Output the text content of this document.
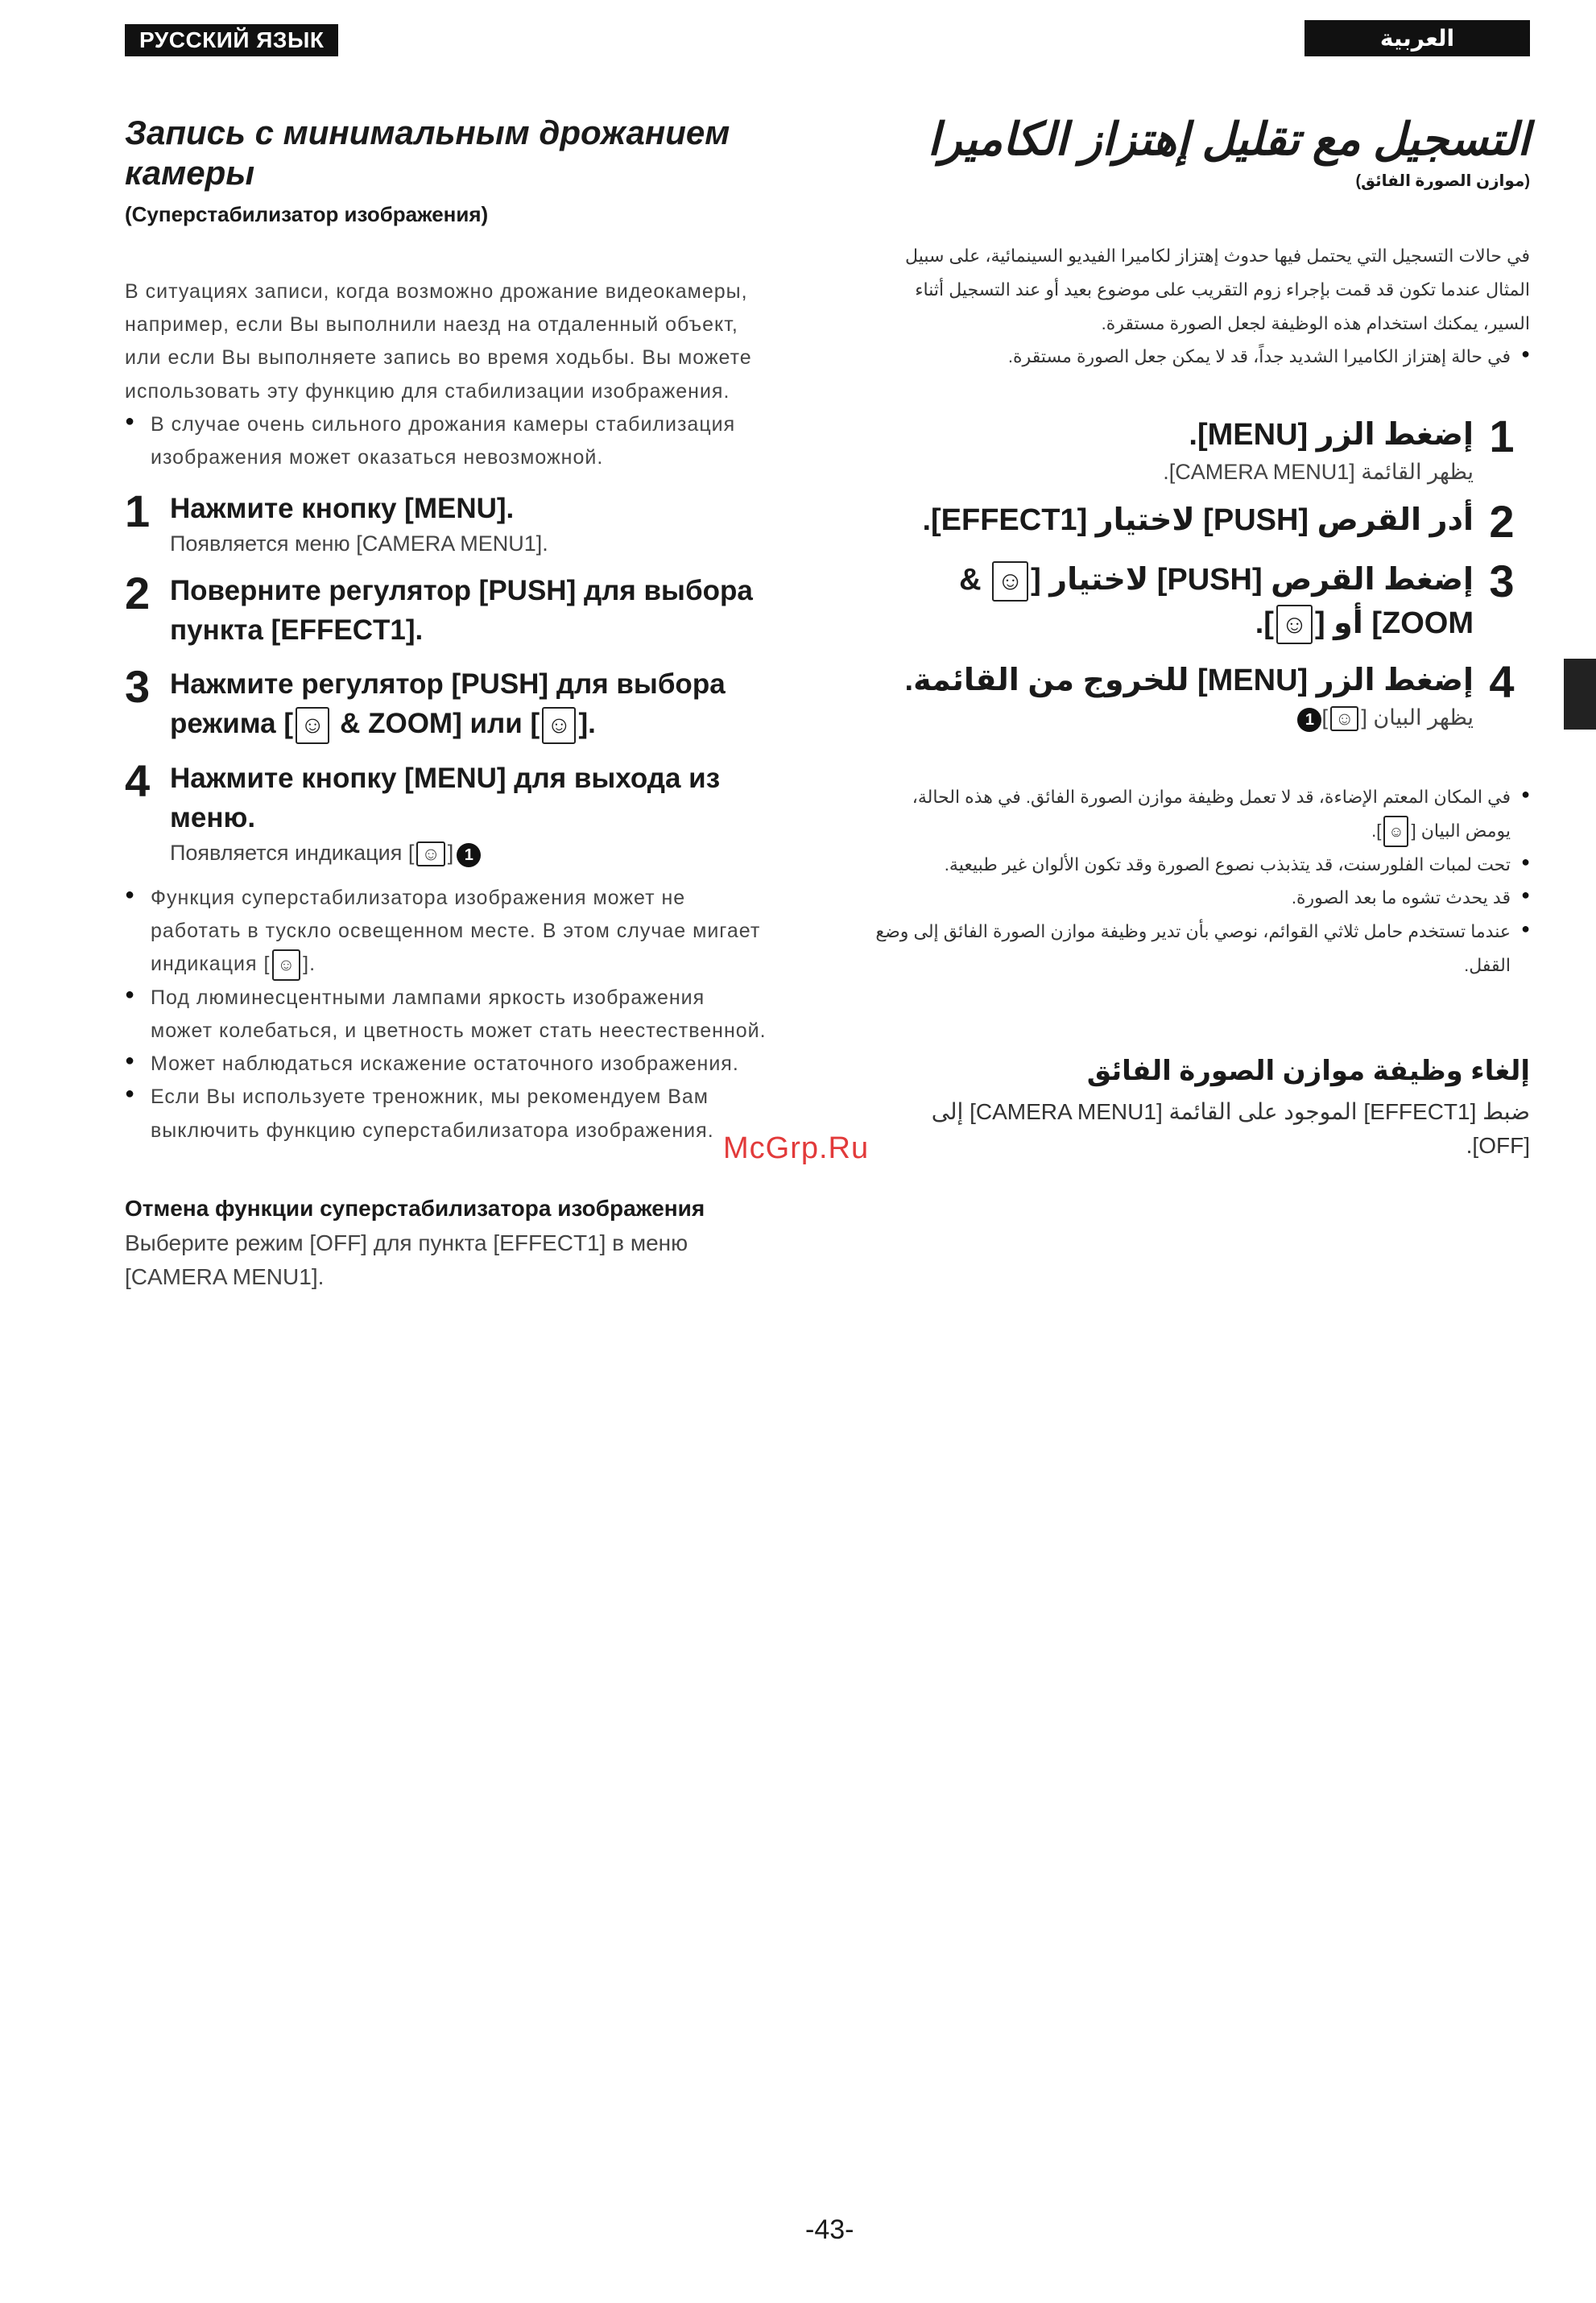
РУССКИЙ ЯЗЫК
Запись с минимальным дрожанием камеры
(Суперстабилизатор изображения)

В ситуациях записи, когда возможно дрожание видеокамеры, например, если Вы выполнили наезд на отдаленный объект, или если Вы выполняете запись во время ходьбы. Вы можете использовать эту функцию для стабилизации изображения.

● В случае очень сильного дрожания камеры стабилизация изображения может оказаться невозможной.
1 Нажмите кнопку [MENU].
Появляется меню [CAMERA MENU1].
2 Поверните регулятор [PUSH] для выбора пункта [EFFECT1].
3 Нажмите регулятор [PUSH] для выбора режима [ ☺ & ZOOM] или [ ☺ ].
4 Нажмите кнопку [MENU] для выхода из меню.
Появляется индикация [ ☺ ] 1
● Функция суперстабилизатора изображения может не работать в тускло освещенном месте. В этом случае мигает индикация [ ☺ ].
● Под люминесцентными лампами яркость изображения может колебаться, и цветность может стать неестественной.
● Может наблюдаться искажение остаточного изображения.
● Если Вы используете треножник, мы рекомендуем Вам выключить функцию суперстабилизатора изображения.
Отмена функции суперстабилизатора изображения
Выберите режим [OFF] для пункта [EFFECT1] в меню [CAMERA MENU1].
العربية
التسجيل مع تقليل إهتزاز الكاميرا
(موازن الصورة الفائق)

في حالات التسجيل التي يحتمل فيها حدوث إهتزاز لكاميرا الفيديو السينمائية، على سبيل المثال عندما تكون قد قمت بإجراء زوم التقريب على موضوع بعيد أو عند التسجيل أثناء السير، يمكنك استخدام هذه الوظيفة لجعل الصورة مستقرة.

● في حالة إهتزاز الكاميرا الشديد جداً، قد لا يمكن جعل الصورة مستقرة.
1
إضغط الزر [MENU].
يظهر القائمة [CAMERA MENU1].
2
أدر القرص [PUSH] لاختيار [EFFECT1].
3
إضغط القرص [PUSH] لاختيار [☺ & ZOOM] أو [☺].
4
إضغط الزر [MENU] للخروج من القائمة.
يظهر البيان [☺]1
● في المكان المعتم الإضاءة، قد لا تعمل وظيفة موازن الصورة الفائق. في هذه الحالة، يومض البيان [☺].
● تحت لمبات الفلورسنت، قد يتذبذب نصوع الصورة وقد تكون الألوان غير طبيعية.
● قد يحدث تشوه ما بعد الصورة.
● عندما تستخدم حامل ثلاثي القوائم، نوصي بأن تدير وظيفة موازن الصورة الفائق إلى وضع القفل.
إلغاء وظيفة موازن الصورة الفائق
ضبط [EFFECT1] الموجود على القائمة [CAMERA MENU1] إلى [OFF].
McGrp.Ru
-43-
